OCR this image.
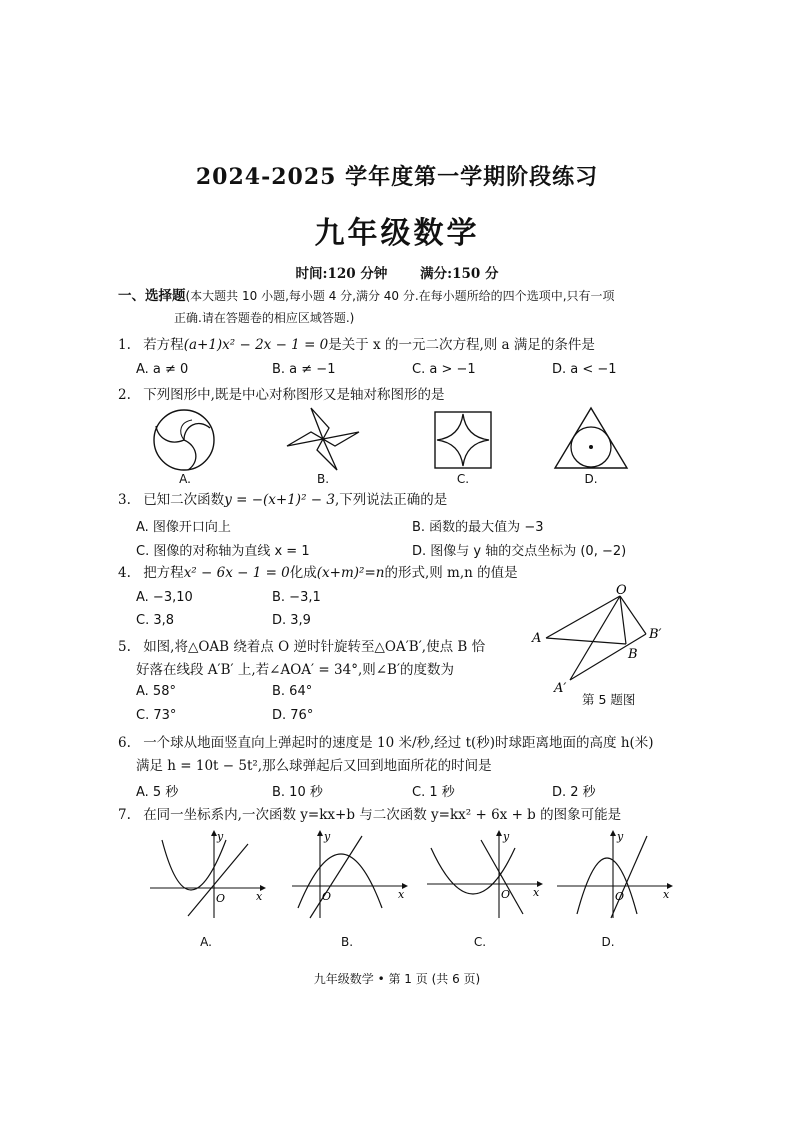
2024-2025 学年度第一学期阶段练习
九年级数学
时间:120 分钟 满分:150 分
一、选择题(本大题共 10 小题,每小题 4 分,满分 40 分.在每小题所给的四个选项中,只有一项
正确.请在答题卷的相应区域答题.)
1. 若方程(a+1)x² − 2x − 1 = 0是关于 x 的一元二次方程,则 a 满足的条件是
A. a ≠ 0	B. a ≠ −1	C. a > −1	D. a < −1
2. 下列图形中,既是中心对称图形又是轴对称图形的是
A.	B.	C.	D.
3. 已知二次函数y = −(x+1)² − 3,下列说法正确的是
A. 图像开口向上	B. 函数的最大值为 −3
C. 图像的对称轴为直线 x = 1	D. 图像与 y 轴的交点坐标为 (0, −2)
4. 把方程x² − 6x − 1 = 0化成(x+m)²=n的形式,则 m,n 的值是
A. −3,10	B. −3,1
C. 3,8	D. 3,9
5. 如图,将△OAB 绕着点 O 逆时针旋转至△OA′B′,使点 B 恰
好落在线段 A′B′ 上,若∠AOA′ = 34°,则∠B′的度数为
A. 58°	B. 64°
C. 73°	D. 76°
O
A
B
B′
A′
第 5 题图
6. 一个球从地面竖直向上弹起时的速度是 10 米/秒,经过 t(秒)时球距离地面的高度 h(米)
满足 h = 10t − 5t²,那么球弹起后又回到地面所花的时间是
A. 5 秒	B. 10 秒	C. 1 秒	D. 2 秒
7. 在同一坐标系内,一次函数 y=kx+b 与二次函数 y=kx² + 6x + b 的图象可能是
y
x
O
A.
y
x
O
B.
y
x
O
C.
y
x
O
D.
九年级数学 • 第 1 页 (共 6 页)
